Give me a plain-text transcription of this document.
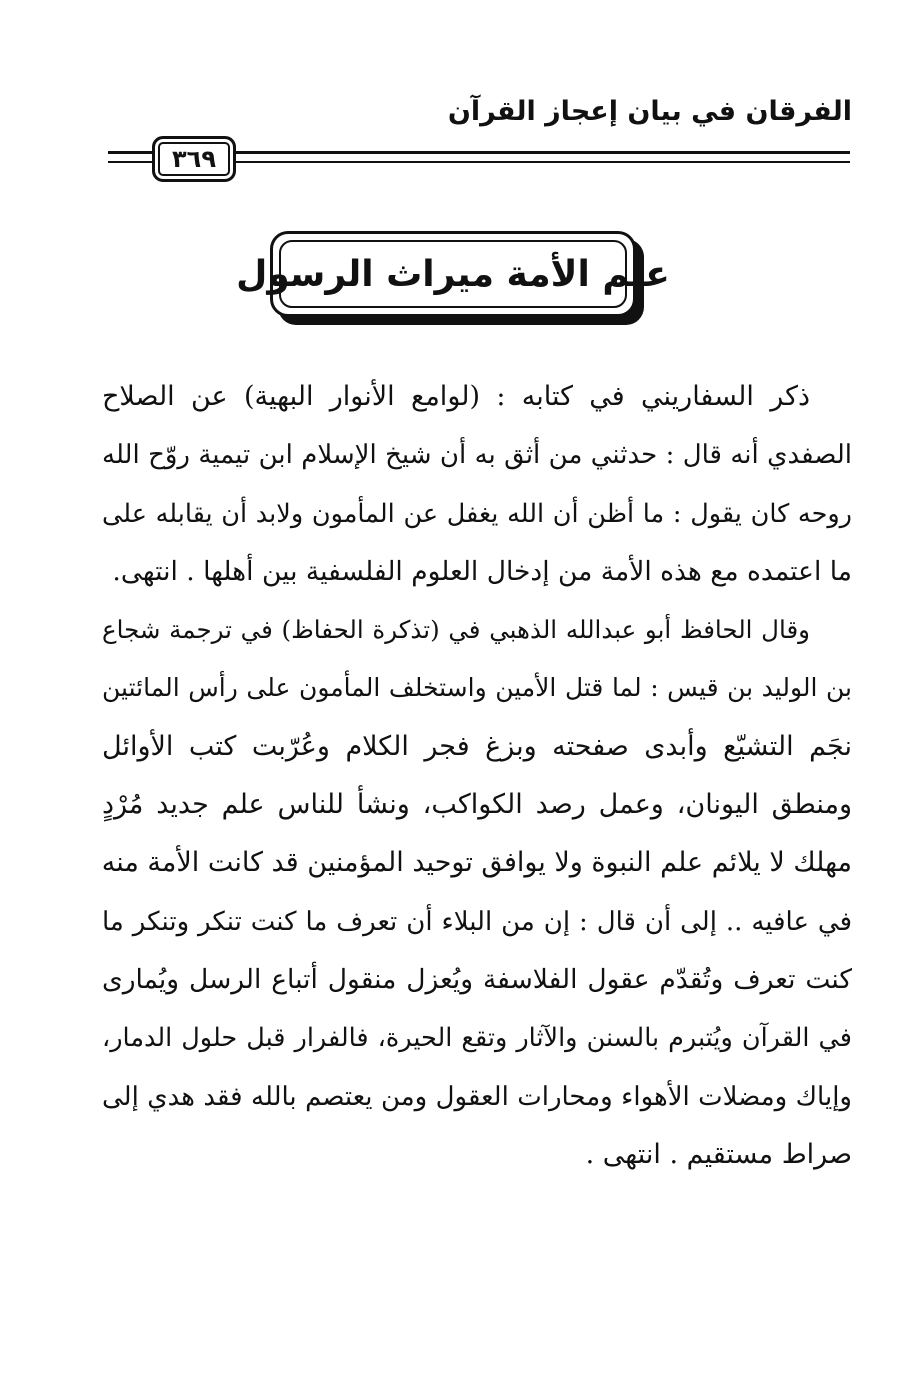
الفرقان في بيان إعجاز القرآن
٣٦٩
علم الأمة ميراث الرسول
ذكر السفاريني في كتابه : (لوامع الأنوار البهية) عن الصلاح
الصفدي أنه قال : حدثني من أثق به أن شيخ الإسلام ابن تيمية روّح الله
روحه كان يقول : ما أظن أن الله يغفل عن المأمون ولابد أن يقابله على
ما اعتمده مع هذه الأمة من إدخال العلوم الفلسفية بين أهلها . انتهى.
وقال الحافظ أبو عبدالله الذهبي في (تذكرة الحفاظ) في ترجمة شجاع
بن الوليد بن قيس : لما قتل الأمين واستخلف المأمون على رأس المائتين
نجَم التشيّع وأبدى صفحته وبزغ فجر الكلام وعُرّبت كتب الأوائل
ومنطق اليونان، وعمل رصد الكواكب، ونشأ للناس علم جديد مُرْدٍ
مهلك لا يلائم علم النبوة ولا يوافق توحيد المؤمنين قد كانت الأمة منه
في عافيه .. إلى أن قال : إن من البلاء أن تعرف ما كنت تنكر وتنكر ما
كنت تعرف وتُقدّم عقول الفلاسفة ويُعزل منقول أتباع الرسل ويُمارى
في القرآن ويُتبرم بالسنن والآثار وتقع الحيرة، فالفرار قبل حلول الدمار،
وإياك ومضلات الأهواء ومحارات العقول ومن يعتصم بالله فقد هدي إلى
صراط مستقيم . انتهى .
